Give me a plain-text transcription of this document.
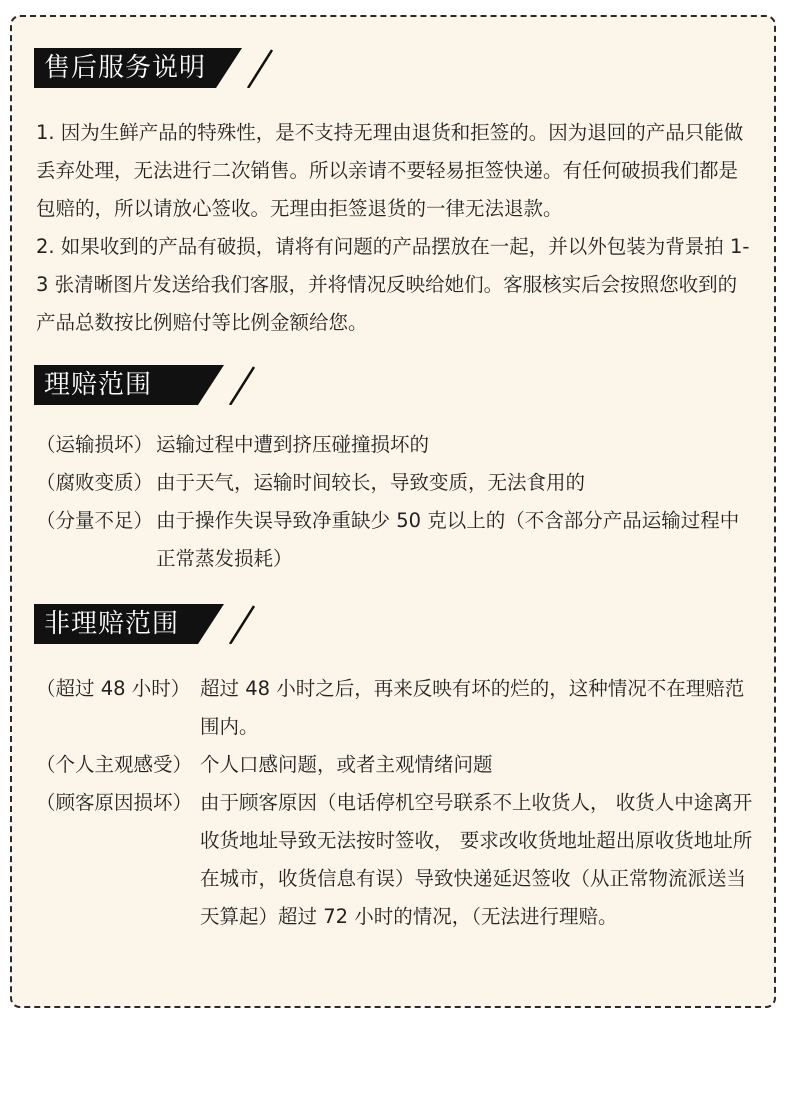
售后服务说明

1. 因为生鲜产品的特殊性，是不支持无理由退货和拒签的。因为退回的产品只能做丢弃处理，无法进行二次销售。所以亲请不要轻易拒签快递。有任何破损我们都是包赔的，所以请放心签收。无理由拒签退货的一律无法退款。

2. 如果收到的产品有破损，请将有问题的产品摆放在一起，并以外包装为背景拍 1-3 张清晰图片发送给我们客服，并将情况反映给她们。客服核实后会按照您收到的产品总数按比例赔付等比例金额给您。

理赔范围
（运输损坏） 运输过程中遭到挤压碰撞损坏的
（腐败变质） 由于天气，运输时间较长，导致变质，无法食用的
（分量不足） 由于操作失误导致净重缺少 50 克以上的（不含部分产品运输过程中正常蒸发损耗）
非理赔范围
（超过 48 小时） 超过 48 小时之后，再来反映有坏的烂的，这种情况不在理赔范围内。
（个人主观感受） 个人口感问题，或者主观情绪问题
（顾客原因损坏） 由于顾客原因（电话停机空号联系不上收货人， 收货人中途离开收货地址导致无法按时签收， 要求改收货地址超出原收货地址所在城市，收货信息有误）导致快递延迟签收（从正常物流派送当天算起）超过 72 小时的情况，（无法进行理赔。
